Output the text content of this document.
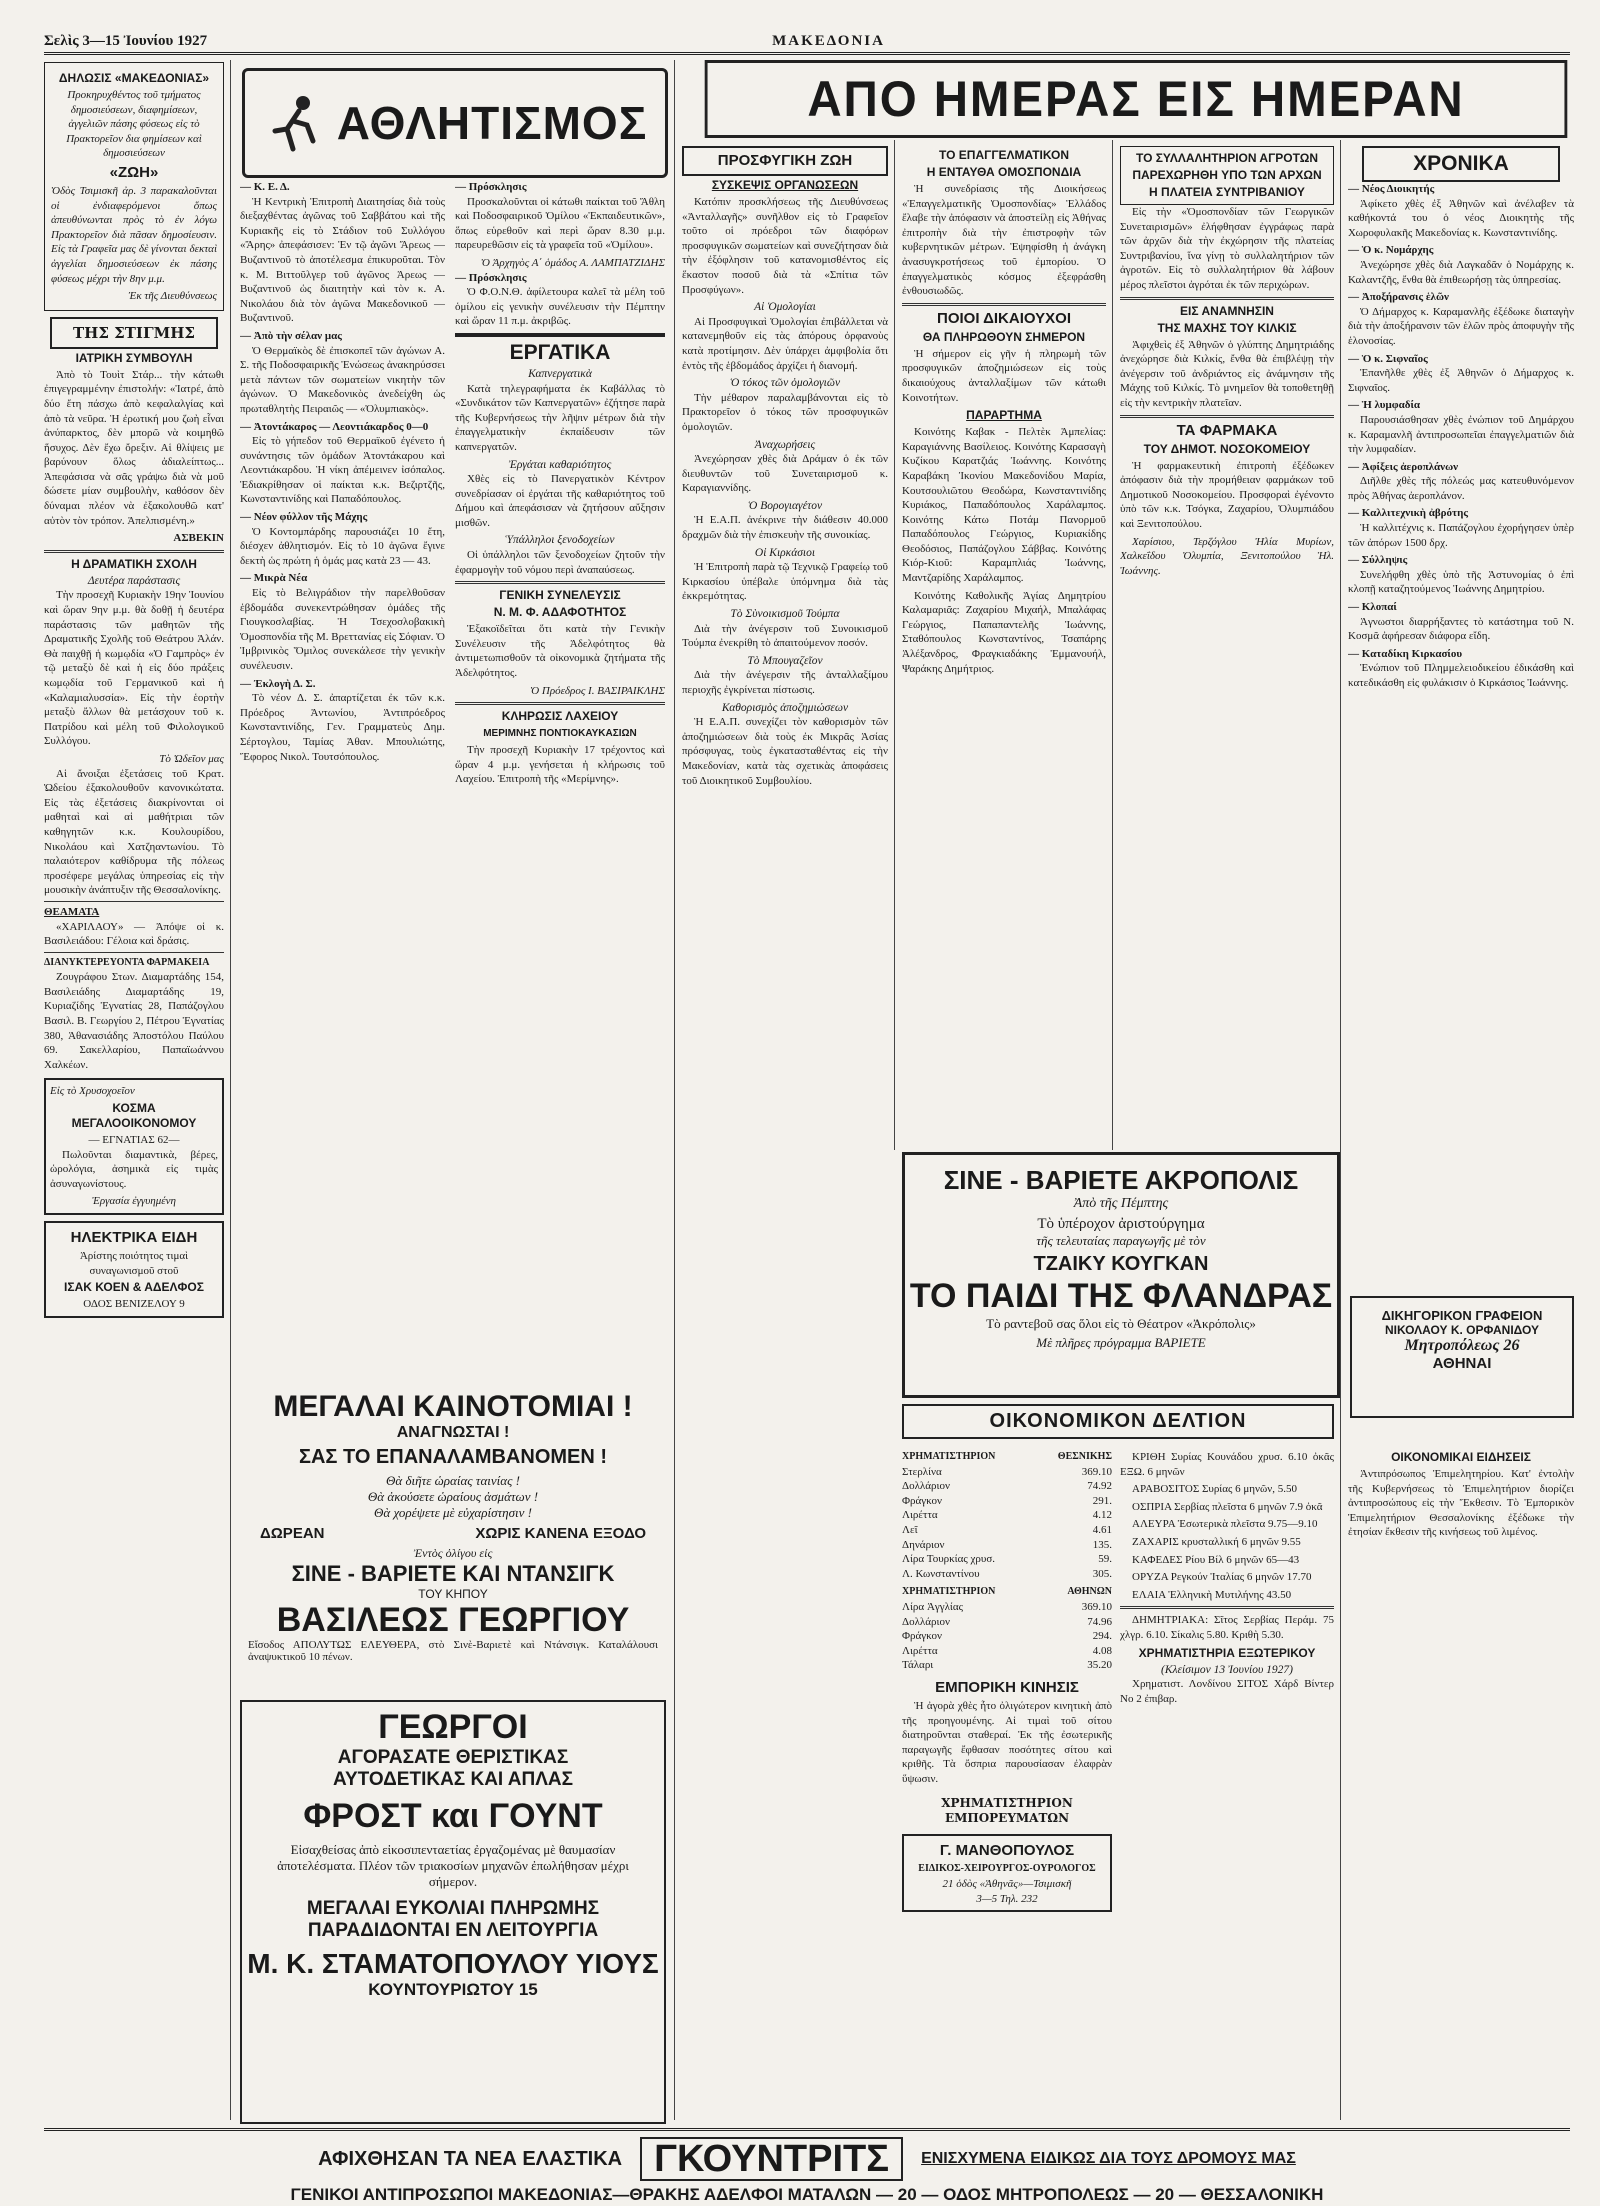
Σελὶς 3—15 Ἰουνίου 1927	ΜΑΚΕΔΟΝΙΑ
ΔΗΛΩΣΙΣ «ΜΑΚΕΔΟΝΙΑΣ»

Προκηρυχθέντος τοῦ τμήματος δημοσιεύσεων, διαφημίσεων, ἀγγελιῶν πάσης φύσεως εἰς τὸ Πρακτορεῖον δια φημίσεων καὶ δημοσιεύσεων

«ΖΩΗ»

Ὁδὸς Τσιμισκῆ ἀρ. 3 παρακαλοῦνται οἱ ἐνδιαφερόμενοι ὅπως ἀπευθύνωνται πρὸς τὸ ἐν λόγω Πρακτορεῖον διὰ πᾶσαν δημοσίευσιν. Εἰς τὰ Γραφεῖα μας δὲ γίνονται δεκταὶ ἀγγελίαι δημοσιεύσεων ἐκ πάσης φύσεως μέχρι τὴν 8ην μ.μ.

Ἐκ τῆς Διευθύνσεως
ΤΗΣ ΣΤΙΓΜΗΣ
ΙΑΤΡΙΚΗ ΣΥΜΒΟΥΛΗ

Ἀπὸ τὸ Τουὶτ Στάρ... τὴν κάτωθι ἐπιγεγραμμένην ἐπιστολήν: «Ἰατρέ, ἀπὸ δύο ἔτη πάσχω ἀπὸ κεφαλαλγίας καὶ ἀπὸ τὰ νεῦρα. Ἡ ἐρωτική μου ζωὴ εἶναι ἀνύπαρκτος, δὲν μπορῶ νὰ κοιμηθῶ ἥσυχος. Δὲν ἔχω ὄρεξιν. Αἱ θλίψεις με βαρύνουν ὅλως ἀδιαλείπτως... Ἀπεφάσισα νὰ σᾶς γράψω διὰ νὰ μοῦ δώσετε μίαν συμβουλὴν, καθόσον δὲν δύναμαι πλέον νὰ ἐξακολουθῶ κατ' αὐτὸν τὸν τρόπον. Ἀπελπισμένη.»

ΑΣΒΕΚΙΝ
Η ΔΡΑΜΑΤΙΚΗ ΣΧΟΛΗ
Δευτέρα παράστασις

Τὴν προσεχῆ Κυριακὴν 19ην Ἰουνίου καὶ ὥραν 9ην μ.μ. θὰ δοθῇ ἡ δευτέρα παράστασις τῶν μαθητῶν τῆς Δραματικῆς Σχολῆς τοῦ Θεάτρου Ἀλάν. Θὰ παιχθῇ ἡ κωμῳδία «Ὁ Γαμπρὸς» ἐν τῷ μεταξὺ δὲ καὶ ἡ εἰς δύο πράξεις κωμῳδία τοῦ Γερμανικοῦ καὶ ἡ «Καλαμιαλυσσία». Εἰς τὴν ἑορτὴν μεταξὺ ἄλλων θὰ μετάσχουν τοῦ κ. Πατρίδου καὶ μέλη τοῦ Φιλολογικοῦ Συλλόγου.

Τὸ Ὠδεῖον μας

Αἱ ἄνοιξαι ἐξετάσεις τοῦ Κρατ. Ὠδείου ἐξακολουθοῦν κανονικώτατα. Εἰς τὰς ἐξετάσεις διακρίνονται οἱ μαθηταὶ καὶ αἱ μαθήτριαι τῶν καθηγητῶν κ.κ. Κουλουρίδου, Νικολάου καὶ Χατζηαντωνίου. Τὸ παλαιότερον καθίδρυμα τῆς πόλεως προσέφερε μεγάλας ὑπηρεσίας εἰς τὴν μουσικὴν ἀνάπτυξιν τῆς Θεσσαλονίκης.

ΘΕΑΜΑΤΑ

«ΧΑΡΙΛΑΟΥ» — Ἀπόψε οἱ κ. Βασιλειάδου: Γέλοια καὶ δράσις.

ΔΙΑΝΥΚΤΕΡΕΥΟΝΤΑ ΦΑΡΜΑΚΕΙΑ

Ζουγράφου Στων. Διαμαρτάδης 154, Βασιλειάδης Διαμαρτάδης 19, Κυριαζίδης Ἐγνατίας 28, Παπάζογλου Βασιλ. Β. Γεωργίου 2, Πέτρου Ἐγνατίας 380, Ἀθανασιάδης Ἀποστόλου Παύλου 69. Σακελλαρίου, Παπαϊωάννου Χαλκέων.

Εἰς τὸ Χρυσοχοεῖον
ΚΟΣΜΑ ΜΕΓΑΛΟΟΙΚΟΝΟΜΟΥ
— ΕΓΝΑΤΙΑΣ 62—

Πωλοῦνται διαμαντικὰ, βέρες, ὡρολόγια, ἀσημικὰ εἰς τιμὰς ἀσυναγωνίστους.

Ἐργασία ἐγγυημένη
ΗΛΕΚΤΡΙΚΑ ΕΙΔΗ
Ἀρίστης ποιότητος τιμαὶ συναγωνισμοῦ στοῦ
ΙΣΑΚ ΚΟΕΝ & ΑΔΕΛΦΟΣ
ΟΔΟΣ ΒΕΝΙΖΕΛΟΥ 9
ΑΘΛΗΤΙΣΜΟΣ
— Κ. Ε. Δ.

Ἡ Κεντρικὴ Ἐπιτροπὴ Διαιτησίας διὰ τοὺς διεξαχθέντας ἀγῶνας τοῦ Σαββάτου καὶ τῆς Κυριακῆς εἰς τὸ Στάδιον τοῦ Συλλόγου «Ἄρης» ἀπεφάσισεν: Ἐν τῷ ἀγῶνι Ἄρεως — Βυζαντινοῦ τὸ ἀποτέλεσμα ἐπικυροῦται. Τὸν κ. Μ. Βιττοῦλγερ τοῦ ἀγῶνος Ἀρεως — Βυζαντινοῦ ὡς διαιτητὴν καὶ τὸν κ. Α. Νικολάου διὰ τὸν ἀγῶνα Μακεδονικοῦ — Βυζαντινοῦ.

— Ἀπὸ τὴν σέλαν μας

Ὁ Θερμαϊκὸς δὲ ἐπισκοπεῖ τῶν ἀγώνων Α. Σ. τῆς Ποδοσφαιρικῆς Ἑνώσεως ἀνακηρύσσει μετὰ πάντων τῶν σωματείων νικητὴν τῶν ἀγώνων. Ὁ Μακεδονικὸς ἀνεδείχθη ὡς πρωταθλητὴς Πειραιῶς — «Ὀλυμπιακὸς».

— Ἀτοντάκαρος — Λεοντιάκαρδος 0—0

Εἰς τὸ γήπεδον τοῦ Θερμαϊκοῦ ἐγένετο ἡ συνάντησις τῶν ὁμάδων Ἀτοντάκαρου καὶ Λεοντιάκαρδου. Ἡ νίκη ἀπέμεινεν ἰσόπαλος. Ἐδιακρίθησαν οἱ παίκται κ.κ. Βεζιρτζῆς, Κωνσταντινίδης καὶ Παπαδόπουλος.

— Νέον φύλλον τῆς Μάχης

Ὁ Κοντομπάρδης παρουσιάζει 10 ἔτη, διέσχεν ἀθλητισμόν. Εἰς τὸ 10 ἀγῶνα ἔγινε δεκτὴ ὡς πρώτη ἡ ὁμάς μας κατὰ 23 — 43.

— Μικρὰ Νέα

Εἰς τὸ Βελιγράδιον τὴν παρελθοῦσαν ἑβδομάδα συνεκεντρώθησαν ὁμάδες τῆς Γιουγκοσλαβίας. Ἡ Τσεχοσλοβακικὴ Ὁμοσπονδία τῆς Μ. Βρεττανίας εἰς Σόφιαν. Ὁ Ἰμβρινικὸς Ὅμιλος συνεκάλεσε τὴν γενικὴν συνέλευσιν.

— Ἐκλογὴ Δ. Σ.

Τὸ νέον Δ. Σ. ἀπαρτίζεται ἐκ τῶν κ.κ. Πρόεδρος Ἀντωνίου, Ἀντιπρόεδρος Κωνσταντινίδης, Γεν. Γραμματεὺς Δημ. Σέρτογλου, Ταμίας Ἀθαν. Μπουλιώτης, Ἔφορος Νικολ. Τουτσόπουλος.

— Πρόσκλησις

Προσκαλοῦνται οἱ κάτωθι παίκται τοῦ Ἄθλη καὶ Ποδοσφαιρικοῦ Ὁμίλου «Ἐκπαιδευτικῶν», ὅπως εὑρεθοῦν καὶ περὶ ὥραν 8.30 μ.μ. παρευρεθῶσιν εἰς τὰ γραφεῖα τοῦ «Ὁμίλου».

Ὁ Ἀρχηγὸς Α΄ ὁμάδος Α. ΛΑΜΠΑΤΖΙΔΗΣ
— Πρόσκλησις

Ὁ Φ.Ο.Ν.Θ. ἀφίλετουρα καλεῖ τὰ μέλη τοῦ ὁμίλου εἰς γενικὴν συνέλευσιν τὴν Πέμπτην καὶ ὥραν 11 π.μ. ἀκριβῶς.

ΕΡΓΑΤΙΚΑ
Καπνεργατικὰ

Κατὰ τηλεγραφήματα ἐκ Καβάλλας τὸ «Συνδικάτον τῶν Καπνεργατῶν» ἐζήτησε παρὰ τῆς Κυβερνήσεως τὴν λῆψιν μέτρων διὰ τὴν ἐπαγγελματικὴν ἐκπαίδευσιν τῶν καπνεργατῶν.

Ἐργάται καθαριότητος

Χθὲς εἰς τὸ Πανεργατικὸν Κέντρον συνεδρίασαν οἱ ἐργάται τῆς καθαριότητος τοῦ Δήμου καὶ ἀπεφάσισαν νὰ ζητήσουν αὔξησιν μισθῶν.

Ὑπάλληλοι ξενοδοχείων

Οἱ ὑπάλληλοι τῶν ξενοδοχείων ζητοῦν τὴν ἐφαρμογὴν τοῦ νόμου περὶ ἀναπαύσεως.

ΓΕΝΙΚΗ ΣΥΝΕΛΕΥΣΙΣ
Ν. Μ. Φ. ΑΔΑΦΟΤΗΤΟΣ

Ἐξακοϊδεῖται ὅτι κατὰ τὴν Γενικὴν Συνέλευσιν τῆς Ἀδελφότητος θὰ ἀντιμετωπισθοῦν τὰ οἰκονομικὰ ζητήματα τῆς Ἀδελφότητος.

Ὁ Πρόεδρος Ι. ΒΑΣΙΡΑΙΚΛΗΣ
ΚΛΗΡΩΣΙΣ ΛΑΧΕΙΟΥ
ΜΕΡΙΜΝΗΣ ΠΟΝΤΙΟΚΑΥΚΑΣΙΩΝ

Τὴν προσεχῆ Κυριακὴν 17 τρέχοντος καὶ ὥραν 4 μ.μ. γενήσεται ἡ κλήρωσις τοῦ Λαχείου. Ἐπιτροπὴ τῆς «Μερίμνης».

ΜΕΓΑΛΑΙ ΚΑΙΝΟΤΟΜΙΑΙ !
ΑΝΑΓΝΩΣΤΑΙ !
ΣΑΣ ΤΟ ΕΠΑΝΑΛΑΜΒΑΝΟΜΕΝ !
Θὰ διῆτε ὡραίας ταινίας !
Θὰ ἀκούσετε ὡραίους ἀσμάτων !
Θὰ χορέψετε μὲ εὐχαρίστησιν !
ΔΩΡΕΑΝ	ΧΩΡΙΣ ΚΑΝΕΝΑ ΕΞΟΔΟ
Ἐντὸς ὀλίγου εἰς
ΣΙΝΕ - ΒΑΡΙΕΤΕ ΚΑΙ ΝΤΑΝΣΙΓΚ
ΤΟΥ ΚΗΠΟΥ
ΒΑΣΙΛΕΩΣ ΓΕΩΡΓΙΟΥ
Εἴσοδος ΑΠΟΛΥΤΩΣ ΕΛΕΥΘΕΡΑ, στὸ Σινὲ-Βαριετὲ καὶ Ντάνσιγκ. Καταλάλουσι ἀναψυκτικοῦ 10 πένων.
ΓΕΩΡΓΟΙ
ΑΓΟΡΑΣΑΤΕ ΘΕΡΙΣΤΙΚΑΣ
ΑΥΤΟΔΕΤΙΚΑΣ ΚΑΙ ΑΠΛΑΣ
ΦΡΟΣΤ και ΓΟΥΝΤ
Εἰσαχθείσας ἀπὸ εἰκοσιπενταετίας ἐργαζομένας μὲ θαυμασίαν ἀποτελέσματα. Πλέον τῶν τριακοσίων μηχανῶν ἐπωλήθησαν μέχρι σήμερον.
ΜΕΓΑΛΑΙ ΕΥΚΟΛΙΑΙ ΠΛΗΡΩΜΗΣ
ΠΑΡΑΔΙΔΟΝΤΑΙ ΕΝ ΛΕΙΤΟΥΡΓΙΑ
Μ. Κ. ΣΤΑΜΑΤΟΠΟΥΛΟΥ ΥΙΟΥΣ
ΚΟΥΝΤΟΥΡΙΩΤΟΥ 15
ΑΠΟ ΗΜΕΡΑΣ ΕΙΣ ΗΜΕΡΑΝ
ΠΡΟΣΦΥΓΙΚΗ ΖΩΗ
ΣΥΣΚΕΨΙΣ ΟΡΓΑΝΩΣΕΩΝ

Κατόπιν προσκλήσεως τῆς Διευθύνσεως «Ἀνταλλαγῆς» συνῆλθον εἰς τὸ Γραφεῖον τοῦτο οἱ πρόεδροι τῶν διαφόρων προσφυγικῶν σωματείων καὶ συνεζήτησαν διὰ τὴν ἐξόφλησιν τοῦ κατανομισθέντος εἰς ἕκαστον ποσοῦ διὰ τὰ «Σπίτια τῶν Προσφύγων».

Αἱ Ὁμολογίαι

Αἱ Προσφυγικαὶ Ὁμολογίαι ἐπιβάλλεται νὰ κατανεμηθοῦν εἰς τὰς ἀπόρους ὀρφανοὺς κατὰ προτίμησιν. Δὲν ὑπάρχει ἀμφιβολία ὅτι ἐντὸς τῆς ἑβδομάδος ἀρχίζει ἡ διανομή.

Ὁ τόκος τῶν ὁμολογιῶν

Τὴν μέθαρον παραλαμβάνονται εἰς τὸ Πρακτορεῖον ὁ τόκος τῶν προσφυγικῶν ὁμολογιῶν.

Ἀναχωρήσεις

Ἀνεχώρησαν χθὲς διὰ Δράμαν ὁ ἐκ τῶν διευθυντῶν τοῦ Συνεταιρισμοῦ κ. Καραγιαννίδης.

Ὁ Βορογιαγέτον

Ἡ Ε.Α.Π. ἀνέκρινε τὴν διάθεσιν 40.000 δραχμῶν διὰ τὴν ἐπισκευὴν τῆς συνοικίας.

Οἱ Κιρκάσιοι

Ἡ Ἐπιτροπὴ παρὰ τῷ Τεχνικῷ Γραφείῳ τοῦ Κιρκασίου ὑπέβαλε ὑπόμνημα διὰ τὰς ἐκκρεμότητας.

Τὸ Σὺνοικισμοῦ Τούμπα

Διὰ τὴν ἀνέγερσιν τοῦ Συνοικισμοῦ Τούμπα ἐνεκρίθη τὸ ἀπαιτούμενον ποσόν.

Τὸ Μπουγαζεῖον

Διὰ τὴν ἀνέγερσιν τῆς ἀνταλλαξίμου περιοχῆς ἐγκρίνεται πίστωσις.

Καθορισμὸς ἀποζημιώσεων

Ἡ Ε.Α.Π. συνεχίζει τὸν καθορισμὸν τῶν ἀποζημιώσεων διὰ τοὺς ἐκ Μικρᾶς Ἀσίας πρόσφυγας, τοὺς ἐγκατασταθέντας εἰς τὴν Μακεδονίαν, κατὰ τὰς σχετικὰς ἀποφάσεις τοῦ Διοικητικοῦ Συμβουλίου.

ΤΟ ΕΠΑΓΓΕΛΜΑΤΙΚΟΝ
Η ΕΝΤΑΥΘΑ ΟΜΟΣΠΟΝΔΙΑ

Ἡ συνεδρίασις τῆς Διοικήσεως «Ἐπαγγελματικῆς Ὁμοσπονδίας» Ἑλλάδος ἔλαβε τὴν ἀπόφασιν νὰ ἀποστείλῃ εἰς Ἀθήνας ἐπιτροπὴν διὰ τὴν ἐπιστροφὴν τῶν κυβερνητικῶν μέτρων. Ἐψηφίσθη ἡ ἀνάγκη ἀνασυγκροτήσεως τοῦ ἐμπορίου. Ὁ ἐπαγγελματικὸς κόσμος ἐξεφράσθη ἐνθουσιωδῶς.

ΠΟΙΟΙ ΔΙΚΑΙΟΥΧΟΙ
ΘΑ ΠΛΗΡΩΘΟΥΝ ΣΗΜΕΡΟΝ

Ἡ σήμερον εἰς γῆν ἡ πληρωμὴ τῶν προσφυγικῶν ἀποζημιώσεων εἰς τοὺς δικαιούχους ἀνταλλαξίμων τῶν κάτωθι Κοινοτήτων.

ΠΑΡΑΡΤΗΜΑ

Κοινότης Καβακ - Πελτὲκ Ἀμπελίας: Καραγιάννης Βασίλειος. Κοινότης Καρασαγὴ Κυζίκου Καρατζιάς Ἰωάννης. Κοινότης Καραβάκη Ἰκονίου Μακεδονίδου Μαρία, Κουτσουλιῶτου Θεοδώρα, Κωνσταντινίδης Κυριάκος, Παπαδόπουλος Χαράλαμπος. Κοινότης Κάτω Ποτάμ Πανορμοῦ Παπαδόπουλος Γεώργιος, Κυριακίδης Θεοδόσιος, Παπάζογλου Σάββας. Κοινότης Κιόρ-Κιοῦ: Καραμπλιάς Ἰωάννης, Μαντζαρίδης Χαράλαμπος.

Κοινότης Καθολικῆς Ἁγίας Δημητρίου Καλαμαριᾶς: Ζαχαρίου Μιχαήλ, Μπαλάφας Γεώργιος, Παπαπαντελῆς Ἰωάννης, Σταθόπουλος Κωνσταντίνος, Τσαπάρης Ἀλέξανδρος, Φραγκιαδάκης Ἐμμανουήλ, Ψαράκης Δημήτριος.

ΤΟ ΣΥΛΛΑΛΗΤΗΡΙΟΝ ΑΓΡΟΤΩΝ
ΠΑΡΕΧΩΡΗΘΗ ΥΠΟ ΤΩΝ ΑΡΧΩΝ
Η ΠΛΑΤΕΙΑ ΣΥΝΤΡΙΒΑΝΙΟΥ

Εἰς τὴν «Ὁμοσπονδίαν τῶν Γεωργικῶν Συνεταιρισμῶν» ἐλήφθησαν ἐγγράφως παρὰ τῶν ἀρχῶν διὰ τὴν ἐκχώρησιν τῆς πλατείας Συντριβανίου, ἵνα γίνῃ τὸ συλλαλητήριον τῶν ἀγροτῶν. Εἰς τὸ συλλαλητήριον θὰ λάβουν μέρος πλεῖστοι ἀγρόται ἐκ τῶν περιχώρων.

ΕΙΣ ΑΝΑΜΝΗΣΙΝ
ΤΗΣ ΜΑΧΗΣ ΤΟΥ ΚΙΛΚΙΣ

Ἀφιχθεὶς ἐξ Ἀθηνῶν ὁ γλύπτης Δημητριάδης ἀνεχώρησε διὰ Κιλκίς, ἔνθα θὰ ἐπιβλέψῃ τὴν ἀνέγερσιν τοῦ ἀνδριάντος εἰς ἀνάμνησιν τῆς Μάχης τοῦ Κιλκίς. Τὸ μνημεῖον θὰ τοποθετηθῇ εἰς τὴν κεντρικὴν πλατεῖαν.

ΤΑ ΦΑΡΜΑΚΑ
ΤΟΥ ΔΗΜΟΤ. ΝΟΣΟΚΟΜΕΙΟΥ

Ἡ φαρμακευτικὴ ἐπιτροπὴ ἐξέδωκεν ἀπόφασιν διὰ τὴν προμήθειαν φαρμάκων τοῦ Δημοτικοῦ Νοσοκομείου. Προσφοραὶ ἐγένοντο ὑπὸ τῶν κ.κ. Τσόγκα, Ζαχαρίου, Ὀλυμπιάδου καὶ Ξενιτοπούλου.

Χαρίσιου, Τερζόγλου Ἠλία Μυρίων, Χαλκεΐδου Ὀλυμπία, Ξενιτοπούλου Ἡλ. Ἰωάννης.

ΣΙΝΕ - ΒΑΡΙΕΤΕ ΑΚΡΟΠΟΛΙΣ
Ἀπὸ τῆς Πέμπτης
Τὸ ὑπέροχον ἀριστούργημα
τῆς τελευταίας παραγωγῆς μὲ τὸν
ΤΖΑΙΚΥ ΚΟΥΓΚΑΝ
ΤΟ ΠΑΙΔΙ ΤΗΣ ΦΛΑΝΔΡΑΣ
Τὸ ραντεβοῦ σας ὅλοι εἰς τὸ Θέατρον «Ἀκρόπολις»
Μὲ πλῆρες πρόγραμμα ΒΑΡΙΕΤΕ
ΟΙΚΟΝΟΜΙΚΟΝ ΔΕΛΤΙΟΝ
ΧΡΗΜΑΤΙΣΤΗΡΙΟΝ	ΘΕΣΝΙΚΗΣ
Στερλίνα	369.10
Δολλάριον	74.92
Φράγκον	291.
Λιρέττα	4.12
Λεῖ	4.61
Δηνάριον	135.
Λίρα Τουρκίας χρυσ.	59.
Λ. Κωνσταντίνου	305.
ΧΡΗΜΑΤΙΣΤΗΡΙΟΝ	ΑΘΗΝΩΝ
Λίρα Ἀγγλίας	369.10
Δολλάριον	74.96
Φράγκον	294.
Λιρέττα	4.08
Τάλαρι	35.20
ΕΜΠΟΡΙΚΗ ΚΙΝΗΣΙΣ

Ἡ ἀγορὰ χθὲς ἦτο ὀλιγώτερον κινητικὴ ἀπὸ τῆς προηγουμένης. Αἱ τιμαὶ τοῦ σίτου διατηροῦνται σταθεραί. Ἐκ τῆς ἐσωτερικῆς παραγωγῆς ἔφθασαν ποσότητες σίτου καὶ κριθῆς. Τὰ ὄσπρια παρουσίασαν ἐλαφρὰν ὕψωσιν.

ΧΡΗΜΑΤΙΣΤΗΡΙΟΝ ΕΜΠΟΡΕΥΜΑΤΩΝ
Γ. ΜΑΝΘΟΠΟΥΛΟΣ
ΕΙΔΙΚΟΣ-ΧΕΙΡΟΥΡΓΟΣ-ΟΥΡΟΛΟΓΟΣ
21 ὁδὸς «Ἀθηνᾶς»—Τσιμισκῆ
3—5 Τηλ. 232

ΚΡΙΘΗ Συρίας Κουνάδου χρυσ. 6.10 ὀκᾶς ΕΞΩ. 6 μηνῶν

ΑΡΑΒΟΣΙΤΟΣ Συρίας 6 μηνῶν, 5.50

ΟΣΠΡΙΑ Σερβίας πλεῖστα 6 μηνῶν 7.9 ὀκᾶ

ΑΛΕΥΡΑ Ἐσωτερικὰ πλεῖστα 9.75—9.10

ΖΑΧΑΡΙΣ κρυσταλλική 6 μηνῶν 9.55

ΚΑΦΕΔΕΣ Ρίου Βίλ 6 μηνῶν 65—43

ΟΡΥΖΑ Ρεγκούν Ἰταλίας 6 μηνῶν 17.70

ΕΛΑΙΑ Ἑλληνικὴ Μυτιλήνης 43.50

ΔΗΜΗΤΡΙΑΚΑ: Σῖτος Σερβίας Περάμ. 75 χλγρ. 6.10. Σίκαλις 5.80. Κριθὴ 5.30.

ΧΡΗΜΑΤΙΣΤΗΡΙΑ ΕΞΩΤΕΡΙΚΟΥ
(Κλείσιμον 13 Ἰουνίου 1927)

Χρηματιστ. Λονδίνου ΣΙΤΟΣ Χάρδ Βίντερ Νο 2 ἐπιβαρ.

ΧΡΟΝΙΚΑ
— Νέος Διοικητής

Ἀφίκετο χθὲς ἐξ Ἀθηνῶν καὶ ἀνέλαβεν τὰ καθήκοντά του ὁ νέος Διοικητὴς τῆς Χωροφυλακῆς Μακεδονίας κ. Κωνσταντινίδης.

— Ὁ κ. Νομάρχης

Ἀνεχώρησε χθὲς διὰ Λαγκαδᾶν ὁ Νομάρχης κ. Καλαντζῆς, ἔνθα θὰ ἐπιθεωρήσῃ τὰς ὑπηρεσίας.

— Ἀποξήρανσις ἑλῶν

Ὁ Δήμαρχος κ. Καραμανλῆς ἐξέδωκε διαταγὴν διὰ τὴν ἀποξήρανσιν τῶν ἑλῶν πρὸς ἀποφυγὴν τῆς ἑλονοσίας.

— Ὁ κ. Σιφναῖος

Ἐπανῆλθε χθὲς ἐξ Ἀθηνῶν ὁ Δήμαρχος κ. Σιφναῖος.

— Ἡ λυμφαδία

Παρουσιάσθησαν χθὲς ἐνώπιον τοῦ Δημάρχου κ. Καραμανλῆ ἀντιπροσωπεῖαι ἐπαγγελματιῶν διὰ τὴν λυμφαδίαν.

— Ἀφίξεις ἀεροπλάνων

Διῆλθε χθὲς τῆς πόλεώς μας κατευθυνόμενον πρὸς Ἀθήνας ἀεροπλάνον.

— Καλλιτεχνικὴ ἀβρότης

Ἡ καλλιτέχνις κ. Παπάζογλου ἐχορήγησεν ὑπὲρ τῶν ἀπόρων 1500 δρχ.

— Σύλληψις

Συνελήφθη χθὲς ὑπὸ τῆς Ἀστυνομίας ὁ ἐπὶ κλοπῇ καταζητούμενος Ἰωάννης Δημητρίου.

— Κλοπαί

Ἀγνωστοι διαρρήξαντες τὸ κατάστημα τοῦ Ν. Κοσμᾶ ἀφήρεσαν διάφορα εἴδη.

— Καταδίκη Κιρκασίου

Ἐνώπιον τοῦ Πλημμελειοδικείου ἐδικάσθη καὶ κατεδικάσθη εἰς φυλάκισιν ὁ Κιρκάσιος Ἰωάννης.

ΔΙΚΗΓΟΡΙΚΟΝ ΓΡΑΦΕΙΟΝ
ΝΙΚΟΛΑΟΥ Κ. ΟΡΦΑΝΙΔΟΥ
Μητροπόλεως 26
ΑΘΗΝΑΙ
ΟΙΚΟΝΟΜΙΚΑΙ ΕΙΔΗΣΕΙΣ

Ἀντιπρόσωπος Ἐπιμελητηρίου. Κατ' ἐντολὴν τῆς Κυβερνήσεως τὸ Ἐπιμελητήριον διορίζει ἀντιπροσώπους εἰς τὴν Ἔκθεσιν. Τὸ Ἐμπορικὸν Ἐπιμελητήριον Θεσσαλονίκης ἐξέδωκε τὴν ἐτησίαν ἔκθεσιν τῆς κινήσεως τοῦ λιμένος.

ΑΦΙΧΘΗΣΑΝ ΤΑ ΝΕΑ ΕΛΑΣΤΙΚΑ ΓΚΟΥΝΤΡΙΤΣ	ΕΝΙΣΧΥΜΕΝΑ ΕΙΔΙΚΩΣ ΔΙΑ ΤΟΥΣ ΔΡΟΜΟΥΣ ΜΑΣ
ΓΕΝΙΚΟΙ ΑΝΤΙΠΡΟΣΩΠΟΙ ΜΑΚΕΔΟΝΙΑΣ—ΘΡΑΚΗΣ ΑΔΕΛΦΟΙ ΜΑΤΑΛΩΝ — 20 — ΟΔΟΣ ΜΗΤΡΟΠΟΛΕΩΣ — 20 — ΘΕΣΣΑΛΟΝΙΚΗ
